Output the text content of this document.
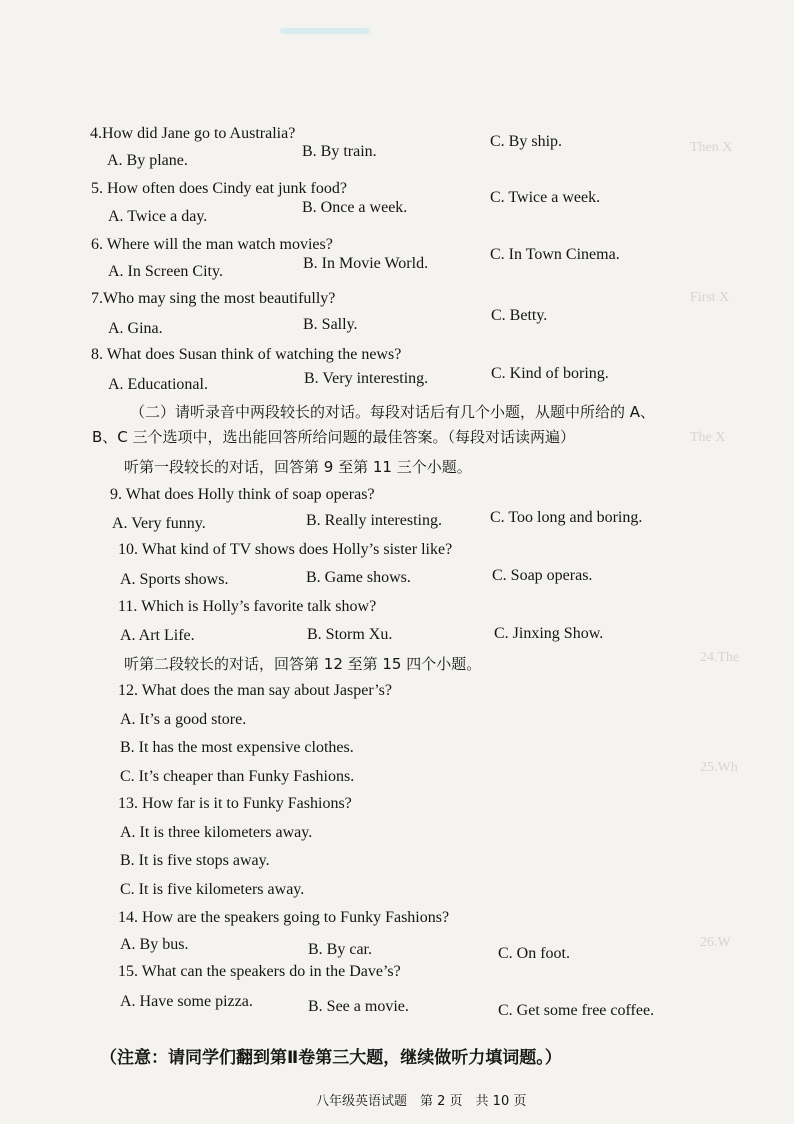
Then X
First X
The X
24.The
25.Wh
26.W
4.How did Jane go to Australia?
A. By plane.
B. By train.
C. By ship.
5. How often does Cindy eat junk food?
A. Twice a day.
B. Once a week.
C. Twice a week.
6. Where will the man watch movies?
A. In Screen City.	B. In Movie World.
C. In Town Cinema.
7.Who may sing the most beautifully?
A. Gina.	B. Sally.
C. Betty.
8. What does Susan think of watching the news?
A. Educational.	B. Very interesting.	C. Kind of boring.
（二）请听录音中两段较长的对话。每段对话后有几个小题，从题中所给的 A、
B、C 三个选项中，选出能回答所给问题的最佳答案。（每段对话读两遍）
听第一段较长的对话，回答第 9 至第 11 三个小题。
9. What does Holly think of soap operas?
A. Very funny.	B. Really interesting.	C. Too long and boring.
10. What kind of TV shows does Holly’s sister like?
A. Sports shows.	B. Game shows.	C. Soap operas.
11. Which is Holly’s favorite talk show?
A. Art Life.	B. Storm Xu.	C. Jinxing Show.
听第二段较长的对话，回答第 12 至第 15 四个小题。
12. What does the man say about Jasper’s?
A. It’s a good store.
B. It has the most expensive clothes.
C. It’s cheaper than Funky Fashions.
13. How far is it to Funky Fashions?
A. It is three kilometers away.
B. It is five stops away.
C. It is five kilometers away.
14. How are the speakers going to Funky Fashions?
A. By bus.	B. By car.	C. On foot.
15. What can the speakers do in the Dave’s?
A. Have some pizza.	B. See a movie.	C. Get some free coffee.
（注意：请同学们翻到第Ⅱ卷第三大题，继续做听力填词题。）
八年级英语试题　第 2 页　共 10 页
